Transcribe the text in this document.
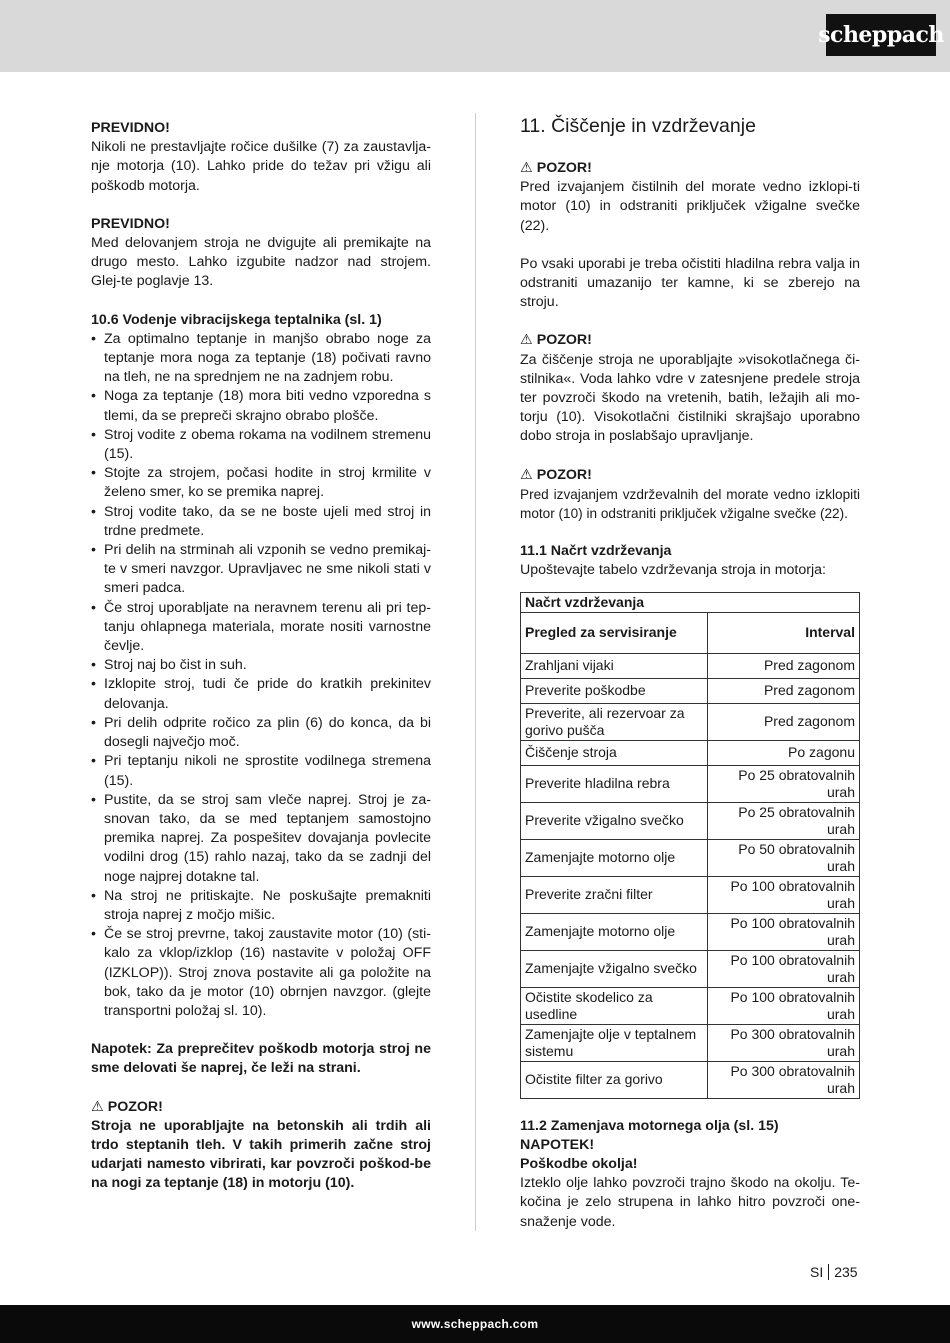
scheppach

PREVIDNO!

Nikoli ne prestavljajte ročice dušilke (7) za zaustavlja-nje motorja (10). Lahko pride do težav pri vžigu ali poškodb motorja.

PREVIDNO!

Med delovanjem stroja ne dvigujte ali premikajte na drugo mesto. Lahko izgubite nadzor nad strojem. Glej-te poglavje 13.

10.6 Vodenje vibracijskega teptalnika (sl. 1)

• Za optimalno teptanje in manjšo obrabo noge za teptanje mora noga za teptanje (18) počivati ravno na tleh, ne na sprednjem ne na zadnjem robu.
• Noga za teptanje (18) mora biti vedno vzporedna s tlemi, da se prepreči skrajno obrabo plošče.
• Stroj vodite z obema rokama na vodilnem stremenu (15).
• Stojte za strojem, počasi hodite in stroj krmilite v želeno smer, ko se premika naprej.
• Stroj vodite tako, da se ne boste ujeli med stroj in trdne predmete.
• Pri delih na strminah ali vzponih se vedno premikaj-te v smeri navzgor. Upravljavec ne sme nikoli stati v smeri padca.
• Če stroj uporabljate na neravnem terenu ali pri tep-tanju ohlapnega materiala, morate nositi varnostne čevlje.
• Stroj naj bo čist in suh.
• Izklopite stroj, tudi če pride do kratkih prekinitev delovanja.
• Pri delih odprite ročico za plin (6) do konca, da bi dosegli največjo moč.
• Pri teptanju nikoli ne sprostite vodilnega stremena (15).
• Pustite, da se stroj sam vleče naprej. Stroj je za-snovan tako, da se med teptanjem samostojno premika naprej. Za pospešitev dovajanja povlecite vodilni drog (15) rahlo nazaj, tako da se zadnji del noge najprej dotakne tal.
• Na stroj ne pritiskajte. Ne poskušajte premakniti stroja naprej z močjo mišic.
• Če se stroj prevrne, takoj zaustavite motor (10) (sti-kalo za vklop/izklop (16) nastavite v položaj OFF (IZKLOP)). Stroj znova postavite ali ga položite na bok, tako da je motor (10) obrnjen navzgor. (glejte transportni položaj sl. 10).

Napotek: Za preprečitev poškodb motorja stroj ne sme delovati še naprej, če leži na strani.

⚠ POZOR!

Stroja ne uporabljajte na betonskih ali trdih ali trdo steptanih tleh. V takih primerih začne stroj udarjati namesto vibrirati, kar povzroči poškod-be na nogi za teptanje (18) in motorju (10).

11. Čiščenje in vzdrževanje

⚠ POZOR!

Pred izvajanjem čistilnih del morate vedno izklopi-ti motor (10) in odstraniti priključek vžigalne svečke (22).

Po vsaki uporabi je treba očistiti hladilna rebra valja in odstraniti umazanijo ter kamne, ki se zberejo na stroju.

⚠ POZOR!

Za čiščenje stroja ne uporabljajte »visokotlačnega či-stilnika«. Voda lahko vdre v zatesnjene predele stroja ter povzroči škodo na vretenih, batih, ležajih ali mo-torju (10). Visokotlačni čistilniki skrajšajo uporabno dobo stroja in poslabšajo upravljanje.

⚠ POZOR!

Pred izvajanjem vzdrževalnih del morate vedno izklopiti motor (10) in odstraniti priključek vžigalne svečke (22).

11.1 Načrt vzdrževanja

Upoštevajte tabelo vzdrževanja stroja in motorja:

Načrt vzdrževanja	
Pregled za servisiranje	Interval
Zrahljani vijaki	Pred zagonom
Preverite poškodbe	Pred zagonom
Preverite, ali rezervoar za gorivo pušča	Pred zagonom
Čiščenje stroja	Po zagonu
Preverite hladilna rebra	Po 25 obratovalnih urah
Preverite vžigalno svečko	Po 25 obratovalnih urah
Zamenjajte motorno olje	Po 50 obratovalnih urah
Preverite zračni filter	Po 100 obratovalnih urah
Zamenjajte motorno olje	Po 100 obratovalnih urah
Zamenjajte vžigalno svečko	Po 100 obratovalnih urah
Očistite skodelico za usedline	Po 100 obratovalnih urah
Zamenjajte olje v teptalnem sistemu	Po 300 obratovalnih urah
Očistite filter za gorivo	Po 300 obratovalnih urah

11.2 Zamenjava motornega olja (sl. 15)

NAPOTEK!

Poškodbe okolja!

Izteklo olje lahko povzroči trajno škodo na okolju. Te-kočina je zelo strupena in lahko hitro povzroči one-snaženje vode.

SI 235
www.scheppach.com
